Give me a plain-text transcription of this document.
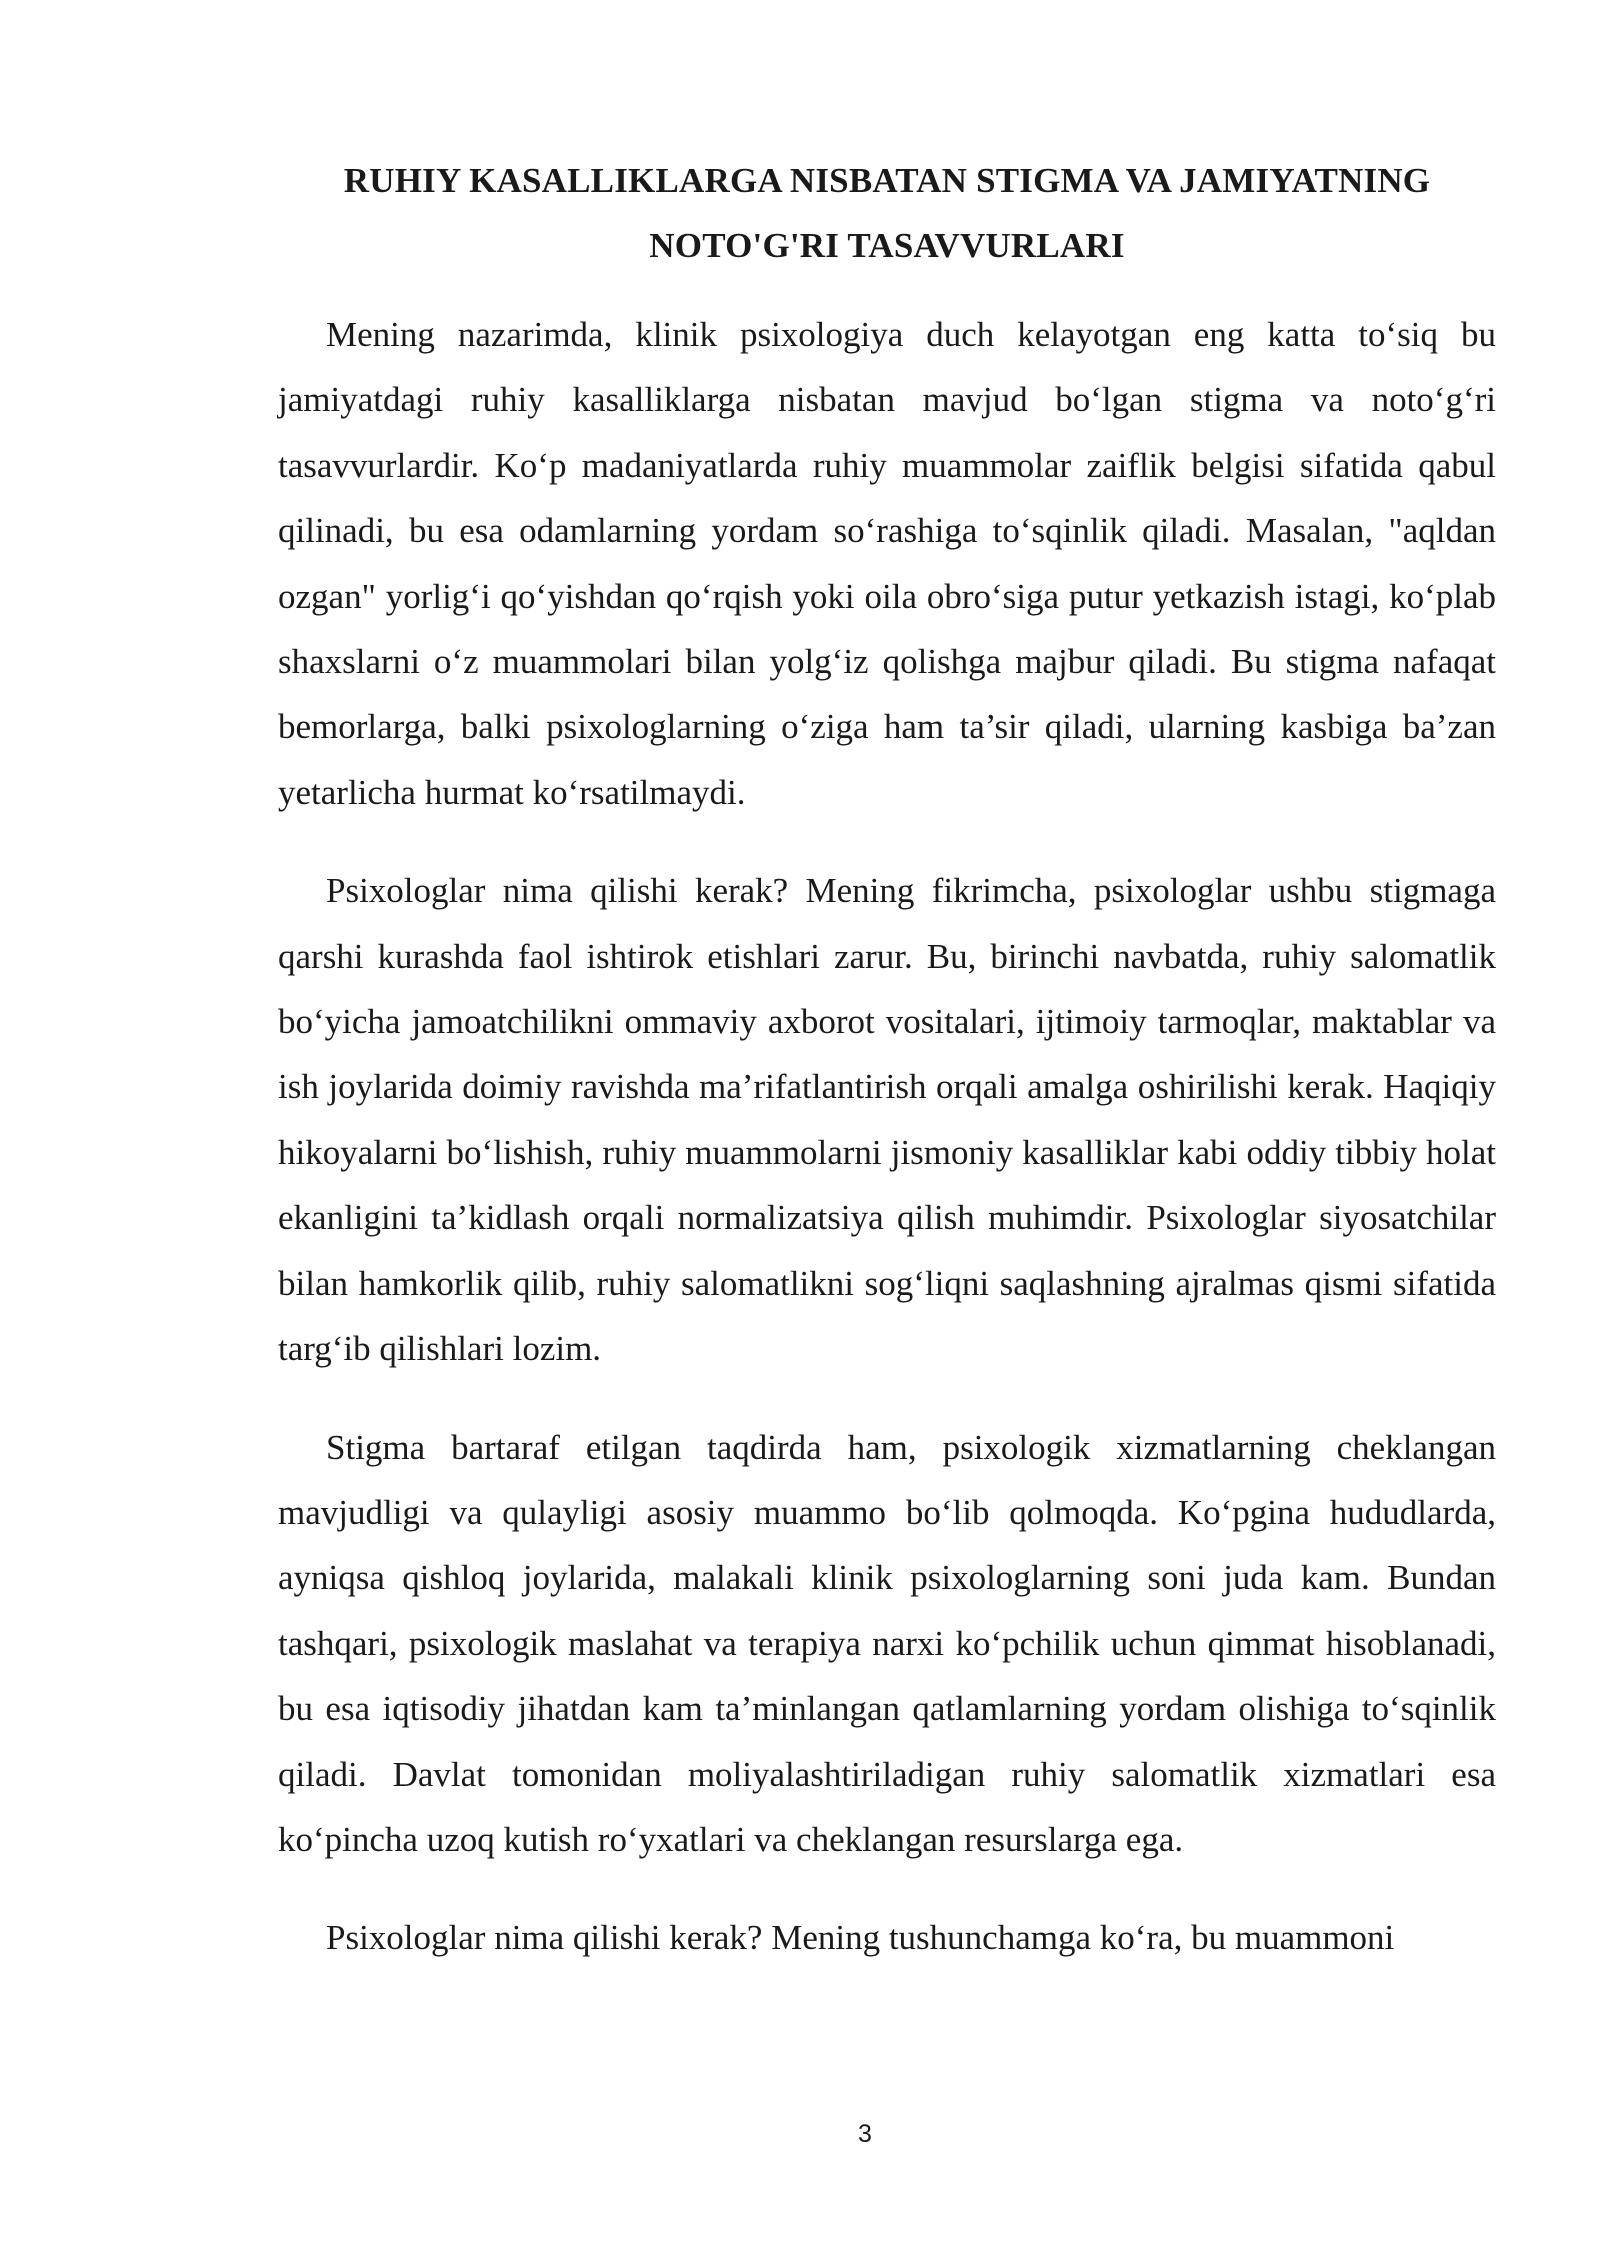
RUHIY KASALLIKLARGA NISBATAN STIGMA VA JAMIYATNING
NOTO'G'RI TASAVVURLARI

Mening nazarimda, klinik psixologiya duch kelayotgan eng katta to‘siq bu jamiyatdagi ruhiy kasalliklarga nisbatan mavjud bo‘lgan stigma va noto‘g‘ri tasavvurlardir. Ko‘p madaniyatlarda ruhiy muammolar zaiflik belgisi sifatida qabul qilinadi, bu esa odamlarning yordam so‘rashiga to‘sqinlik qiladi. Masalan, "aqldan ozgan" yorlig‘i qo‘yishdan qo‘rqish yoki oila obro‘siga putur yetkazish istagi, ko‘plab shaxslarni o‘z muammolari bilan yolg‘iz qolishga majbur qiladi. Bu stigma nafaqat bemorlarga, balki psixologlarning o‘ziga ham ta’sir qiladi, ularning kasbiga ba’zan yetarlicha hurmat ko‘rsatilmaydi.

Psixologlar nima qilishi kerak? Mening fikrimcha, psixologlar ushbu stigmaga qarshi kurashda faol ishtirok etishlari zarur. Bu, birinchi navbatda, ruhiy salomatlik bo‘yicha jamoatchilikni ommaviy axborot vositalari, ijtimoiy tarmoqlar, maktablar va ish joylarida doimiy ravishda ma’rifatlantirish orqali amalga oshirilishi kerak. Haqiqiy hikoyalarni bo‘lishish, ruhiy muammolarni jismoniy kasalliklar kabi oddiy tibbiy holat ekanligini ta’kidlash orqali normalizatsiya qilish muhimdir. Psixologlar siyosatchilar bilan hamkorlik qilib, ruhiy salomatlikni sog‘liqni saqlashning ajralmas qismi sifatida targ‘ib qilishlari lozim.

Stigma bartaraf etilgan taqdirda ham, psixologik xizmatlarning cheklangan mavjudligi va qulayligi asosiy muammo bo‘lib qolmoqda. Ko‘pgina hududlarda, ayniqsa qishloq joylarida, malakali klinik psixologlarning soni juda kam. Bundan tashqari, psixologik maslahat va terapiya narxi ko‘pchilik uchun qimmat hisoblanadi, bu esa iqtisodiy jihatdan kam ta’minlangan qatlamlarning yordam olishiga to‘sqinlik qiladi. Davlat tomonidan moliyalashtiriladigan ruhiy salomatlik xizmatlari esa ko‘pincha uzoq kutish ro‘yxatlari va cheklangan resurslarga ega.

Psixologlar nima qilishi kerak? Mening tushunchamga ko‘ra, bu muammoni

3
